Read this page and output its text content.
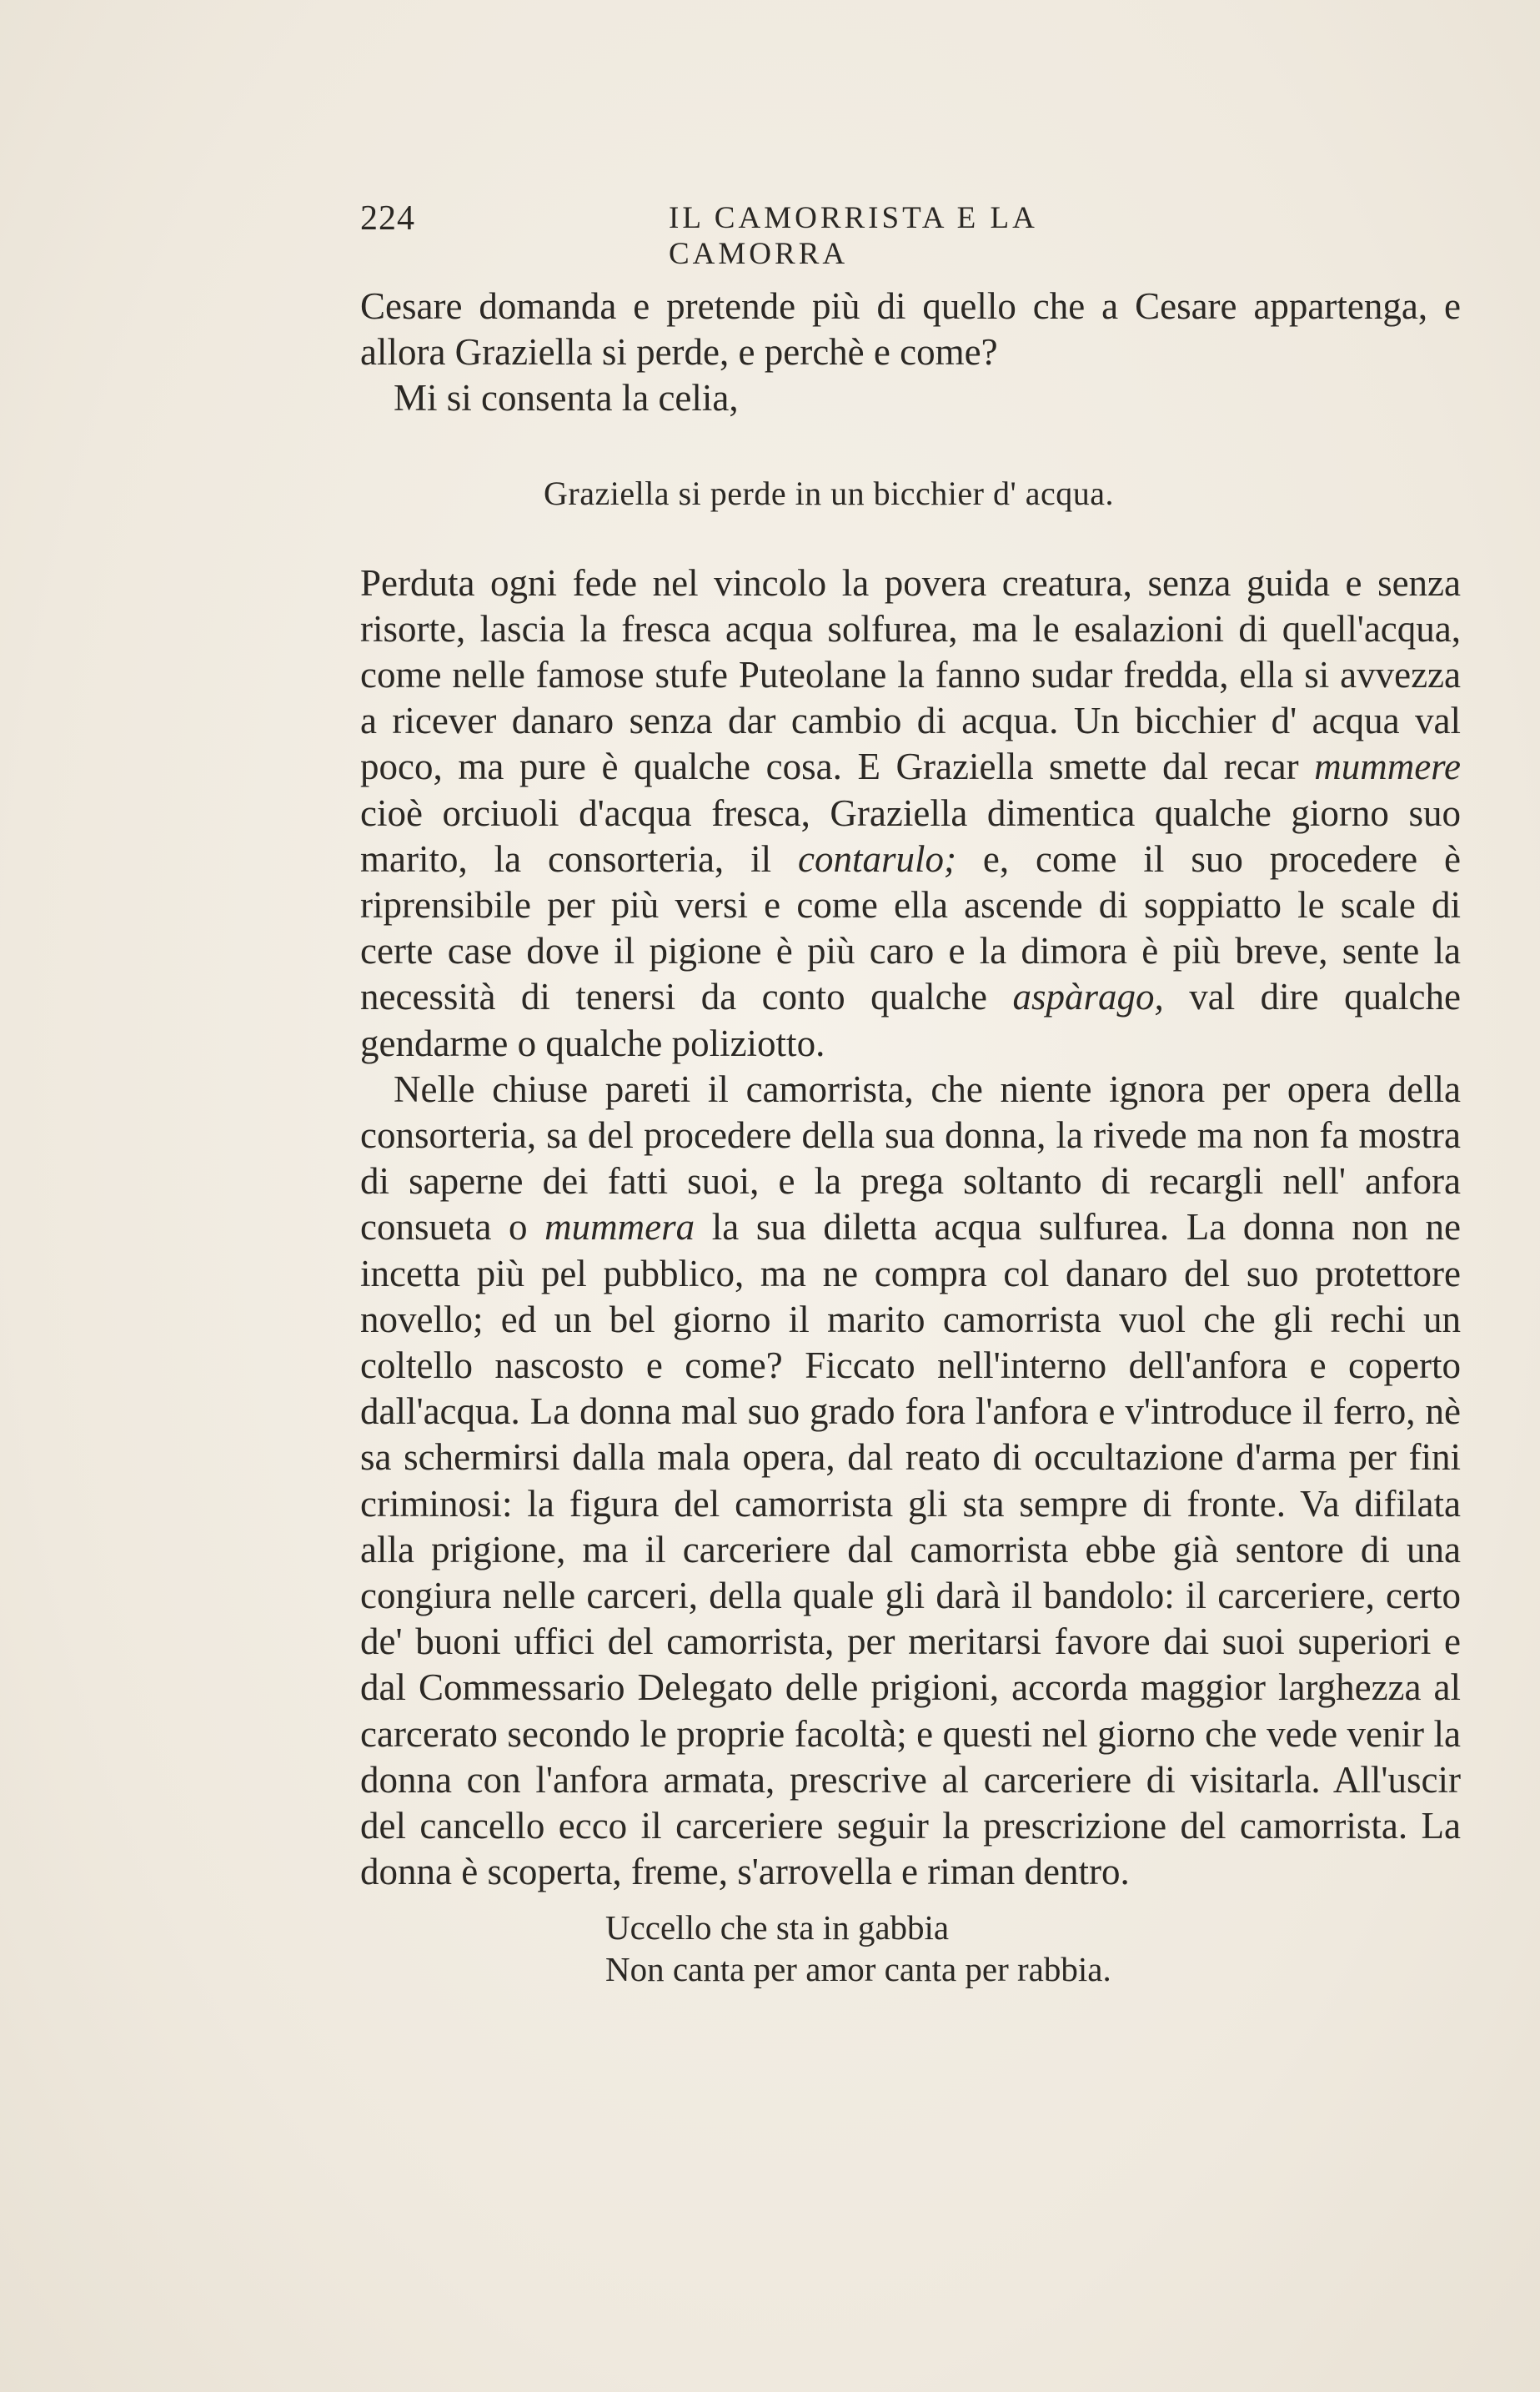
224	IL CAMORRISTA E LA CAMORRA

Cesare domanda e pretende più di quello che a Cesare appartenga, e allora Graziella si perde, e perchè e come?

Mi si consenta la celia,

Perduta ogni fede nel vincolo la povera creatura, senza guida e senza risorte, lascia la fresca acqua solfurea, ma le esalazioni di quell'acqua, come nelle famose stufe Puteolane la fanno sudar fredda, ella si avvezza a ricever danaro senza dar cambio di acqua. Un bicchier d' acqua val poco, ma pure è qualche cosa. E Graziella smette dal recar mummere cioè orciuoli d'acqua fresca, Graziella dimentica qualche giorno suo marito, la consorteria, il contarulo; e, come il suo procedere è riprensibile per più versi e come ella ascende di soppiatto le scale di certe case dove il pigione è più caro e la dimora è più breve, sente la necessità di tenersi da conto qualche aspàrago, val dire qualche gendarme o qualche poliziotto.

Nelle chiuse pareti il camorrista, che niente ignora per opera della consorteria, sa del procedere della sua donna, la rivede ma non fa mostra di saperne dei fatti suoi, e la prega soltanto di recargli nell' anfora consueta o mummera la sua diletta acqua sulfurea. La donna non ne incetta più pel pubblico, ma ne compra col danaro del suo protettore novello; ed un bel giorno il marito camorrista vuol che gli rechi un coltello nascosto e come? Ficcato nell'interno dell'anfora e coperto dall'acqua. La donna mal suo grado fora l'anfora e v'introduce il ferro, nè sa schermirsi dalla mala opera, dal reato di occultazione d'arma per fini criminosi: la figura del camorrista gli sta sempre di fronte. Va difilata alla prigione, ma il carceriere dal camorrista ebbe già sentore di una congiura nelle carceri, della quale gli darà il bandolo: il carceriere, certo de' buoni uffici del camorrista, per meritarsi favore dai suoi superiori e dal Commessario Delegato delle prigioni, accorda maggior larghezza al carcerato secondo le proprie facoltà; e questi nel giorno che vede venir la donna con l'anfora armata, prescrive al carceriere di visitarla. All'uscir del cancello ecco il carceriere seguir la prescrizione del camorrista. La donna è scoperta, freme, s'arrovella e riman dentro.

Graziella si perde in un bicchier d' acqua.
Uccello che sta in gabbia
Non canta per amor canta per rabbia.
